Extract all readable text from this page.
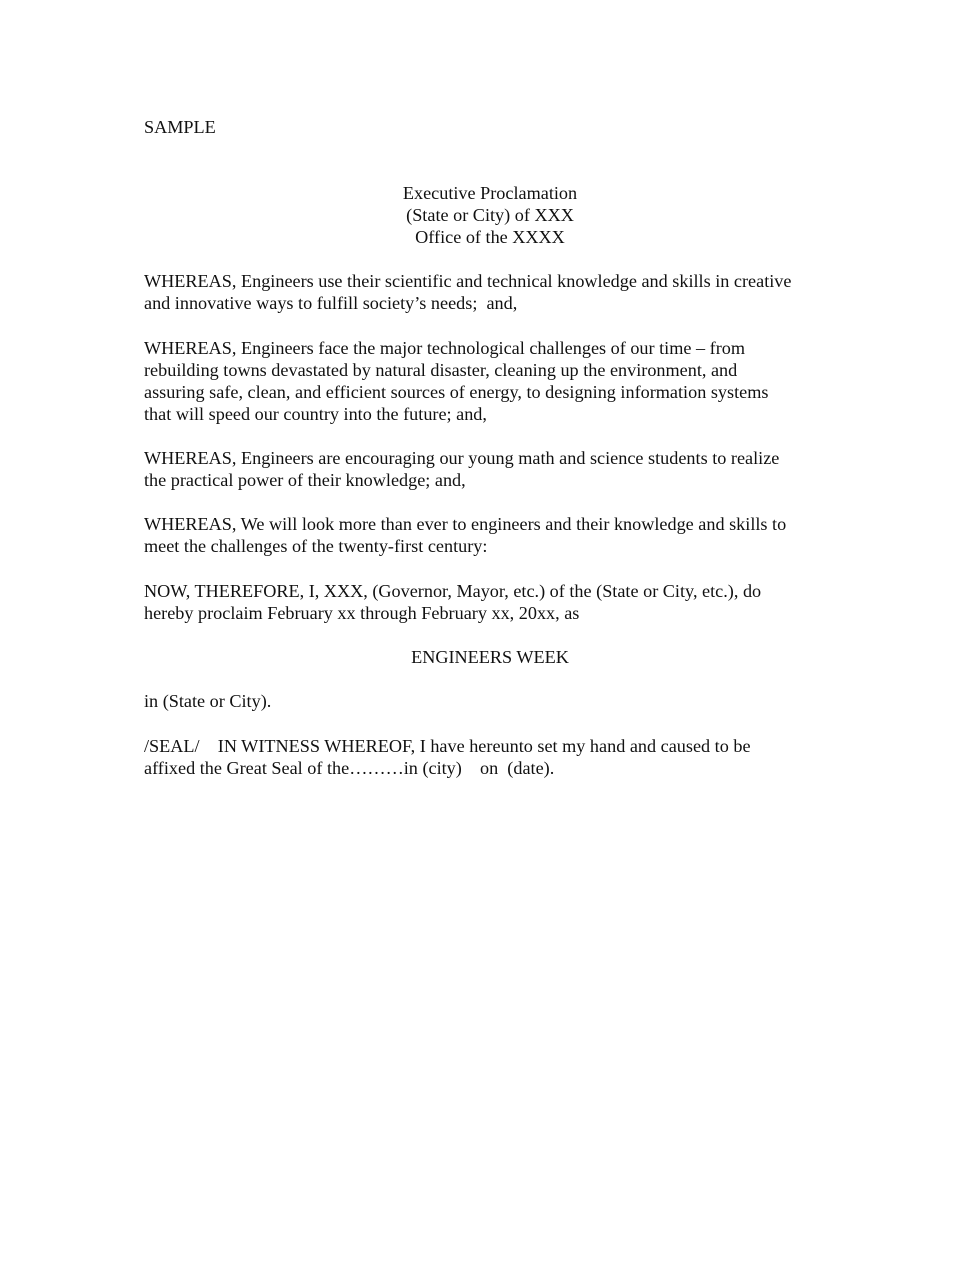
SAMPLE

Executive Proclamation

(State or City) of XXX

Office of the XXXX

WHEREAS, Engineers use their scientific and technical knowledge and skills in creative

and innovative ways to fulfill society’s needs;  and,

WHEREAS, Engineers face the major technological challenges of our time – from

rebuilding towns devastated by natural disaster, cleaning up the environment, and

assuring safe, clean, and efficient sources of energy, to designing information systems

that will speed our country into the future; and,

WHEREAS, Engineers are encouraging our young math and science students to realize

the practical power of their knowledge; and,

WHEREAS, We will look more than ever to engineers and their knowledge and skills to

meet the challenges of the twenty-first century:

NOW, THEREFORE, I, XXX, (Governor, Mayor, etc.) of the (State or City, etc.), do

hereby proclaim February xx through February xx, 20xx, as

ENGINEERS WEEK

in (State or City).

/SEAL/    IN WITNESS WHEREOF, I have hereunto set my hand and caused to be

affixed the Great Seal of the………in (city)    on  (date).
